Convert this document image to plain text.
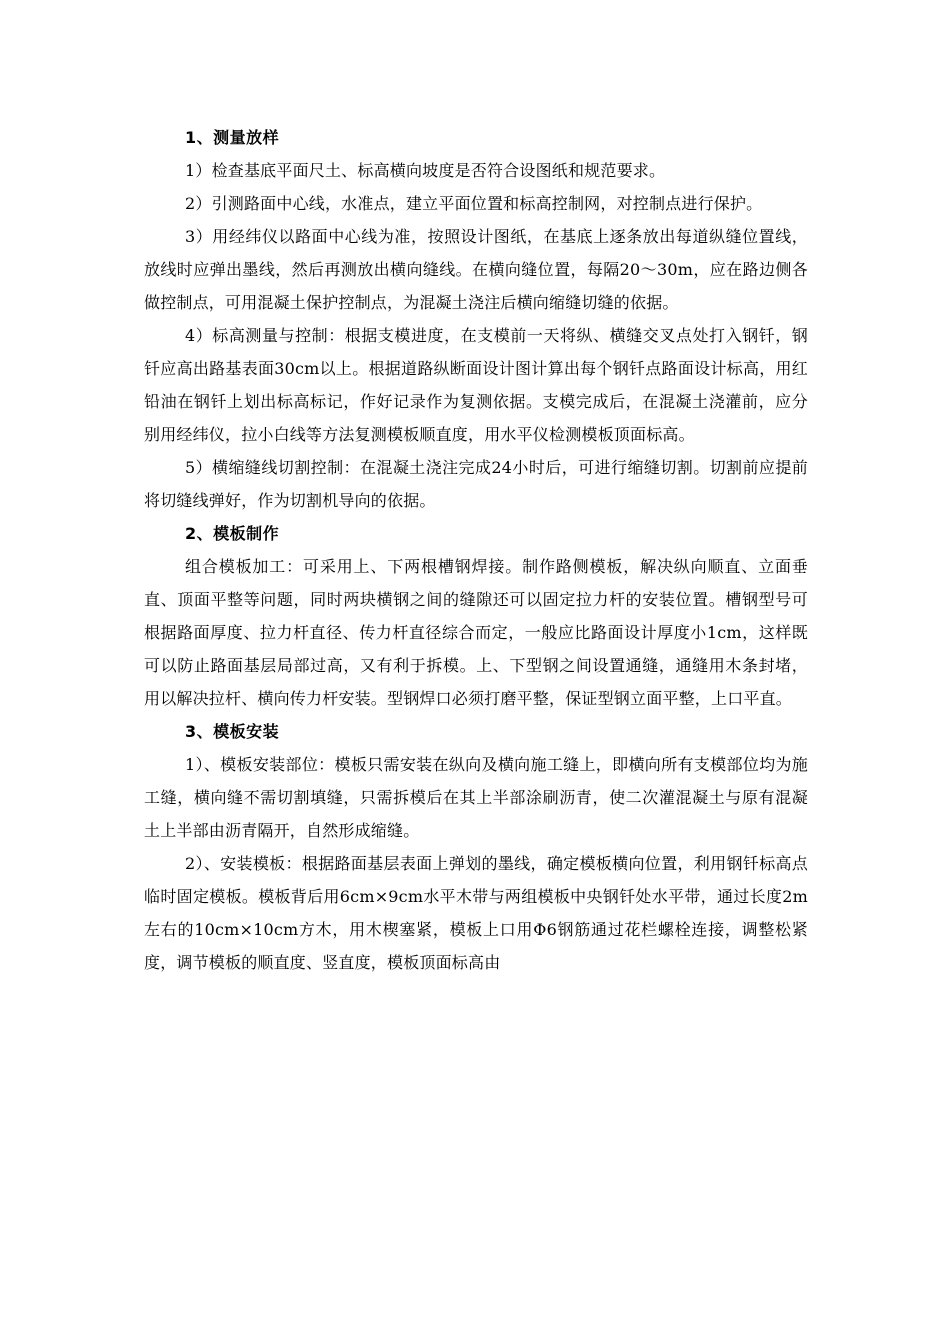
1、测量放样

1）检查基底平面尺土、标高横向坡度是否符合设图纸和规范要求。

2）引测路面中心线，水准点，建立平面位置和标高控制网，对控制点进行保护。

3）用经纬仪以路面中心线为准，按照设计图纸，在基底上逐条放出每道纵缝位置线，放线时应弹出墨线，然后再测放出横向缝线。在横向缝位置，每隔20～30m，应在路边侧各做控制点，可用混凝土保护控制点，为混凝土浇注后横向缩缝切缝的依据。

4）标高测量与控制：根据支模进度，在支模前一天将纵、横缝交叉点处打入钢钎，钢钎应高出路基表面30cm以上。根据道路纵断面设计图计算出每个钢钎点路面设计标高，用红铅油在钢钎上划出标高标记，作好记录作为复测依据。支模完成后，在混凝土浇灌前，应分别用经纬仪，拉小白线等方法复测模板顺直度，用水平仪检测模板顶面标高。

5）横缩缝线切割控制：在混凝土浇注完成24小时后，可进行缩缝切割。切割前应提前将切缝线弹好，作为切割机导向的依据。

2、模板制作

组合模板加工：可采用上、下两根槽钢焊接。制作路侧模板，解决纵向顺直、立面垂直、顶面平整等问题，同时两块横钢之间的缝隙还可以固定拉力杆的安装位置。槽钢型号可根据路面厚度、拉力杆直径、传力杆直径综合而定，一般应比路面设计厚度小1cm，这样既可以防止路面基层局部过高，又有利于拆模。上、下型钢之间设置通缝，通缝用木条封堵，用以解决拉杆、横向传力杆安装。型钢焊口必须打磨平整，保证型钢立面平整，上口平直。

3、模板安装

1）、模板安装部位：模板只需安装在纵向及横向施工缝上，即横向所有支模部位均为施工缝，横向缝不需切割填缝，只需拆模后在其上半部涂刷沥青，使二次灌混凝土与原有混凝土上半部由沥青隔开，自然形成缩缝。

2）、安装模板：根据路面基层表面上弹划的墨线，确定模板横向位置，利用钢钎标高点临时固定模板。模板背后用6cm×9cm水平木带与两组模板中央钢钎处水平带，通过长度2m左右的10cm×10cm方木，用木楔塞紧，模板上口用Φ6钢筋通过花栏螺栓连接，调整松紧度，调节模板的顺直度、竖直度，模板顶面标高由
